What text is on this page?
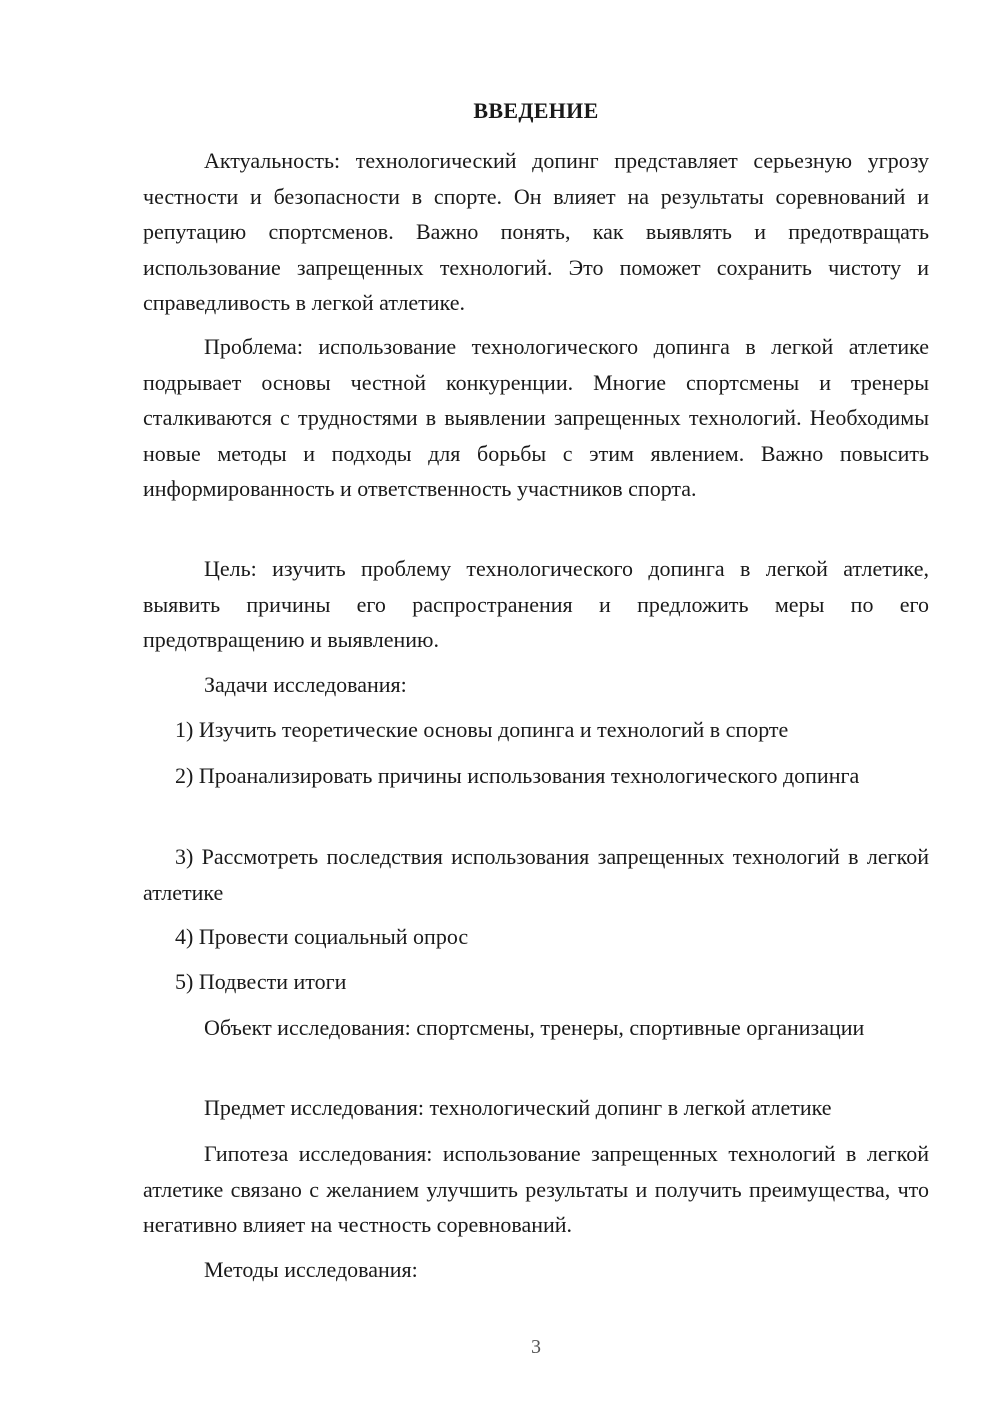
ВВЕДЕНИЕ

Актуальность: технологический допинг представляет серьезную угрозу честности и безопасности в спорте. Он влияет на результаты соревнований и репутацию спортсменов. Важно понять, как выявлять и предотвращать использование запрещенных технологий. Это поможет сохранить чистоту и справедливость в легкой атлетике.

Проблема: использование технологического допинга в легкой атлетике подрывает основы честной конкуренции. Многие спортсмены и тренеры сталкиваются с трудностями в выявлении запрещенных технологий. Необходимы новые методы и подходы для борьбы с этим явлением. Важно повысить информированность и ответственность участников спорта.

Цель: изучить проблему технологического допинга в легкой атлетике, выявить причины его распространения и предложить меры по его предотвращению и выявлению.

Задачи исследования:

1) Изучить теоретические основы допинга и технологий в спорте

2) Проанализировать причины использования технологического допинга

3) Рассмотреть последствия использования запрещенных технологий в легкой атлетике

4) Провести социальный опрос

5) Подвести итоги

Объект исследования: спортсмены, тренеры, спортивные организации

Предмет исследования: технологический допинг в легкой атлетике

Гипотеза исследования: использование запрещенных технологий в легкой атлетике связано с желанием улучшить результаты и получить преимущества, что негативно влияет на честность соревнований.

Методы исследования:

3
